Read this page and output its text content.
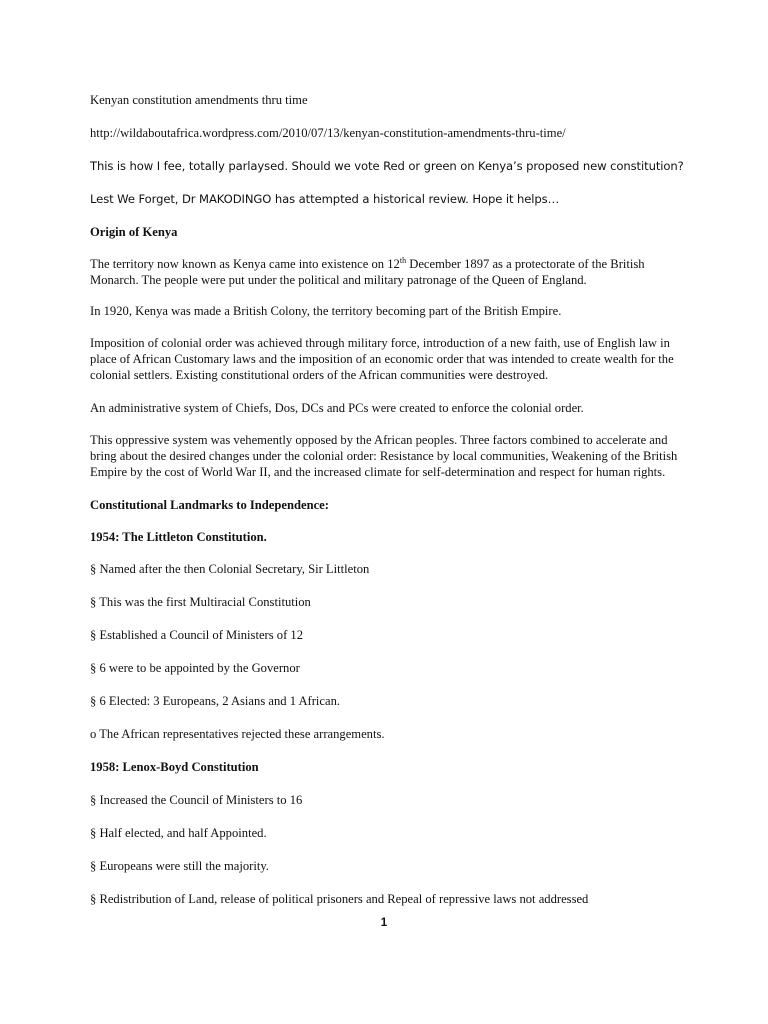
Kenyan constitution amendments thru time

http://wildaboutafrica.wordpress.com/2010/07/13/kenyan-constitution-amendments-thru-time/

This is how I fee, totally parlaysed. Should we vote Red or green on Kenya’s proposed new constitution?

Lest We Forget, Dr MAKODINGO has attempted a historical review. Hope it helps…

Origin of Kenya

The territory now known as Kenya came into existence on 12th December 1897 as a protectorate of the British Monarch. The people were put under the political and military patronage of the Queen of England.

In 1920, Kenya was made a British Colony, the territory becoming part of the British Empire.

Imposition of colonial order was achieved through military force, introduction of a new faith, use of English law in place of African Customary laws and the imposition of an economic order that was intended to create wealth for the colonial settlers. Existing constitutional orders of the African communities were destroyed.

An administrative system of Chiefs, Dos, DCs and PCs were created to enforce the colonial order.

This oppressive system was vehemently opposed by the African peoples. Three factors combined to accelerate and bring about the desired changes under the colonial order: Resistance by local communities, Weakening of the British Empire by the cost of World War II, and the increased climate for self-determination and respect for human rights.

Constitutional Landmarks to Independence:

1954: The Littleton Constitution.

§ Named after the then Colonial Secretary, Sir Littleton

§ This was the first Multiracial Constitution

§ Established a Council of Ministers of 12

§ 6 were to be appointed by the Governor

§ 6 Elected: 3 Europeans, 2 Asians and 1 African.

o The African representatives rejected these arrangements.

1958: Lenox-Boyd Constitution

§ Increased the Council of Ministers to 16

§ Half elected, and half Appointed.

§ Europeans were still the majority.

§ Redistribution of Land, release of political prisoners and Repeal of repressive laws not addressed

1
